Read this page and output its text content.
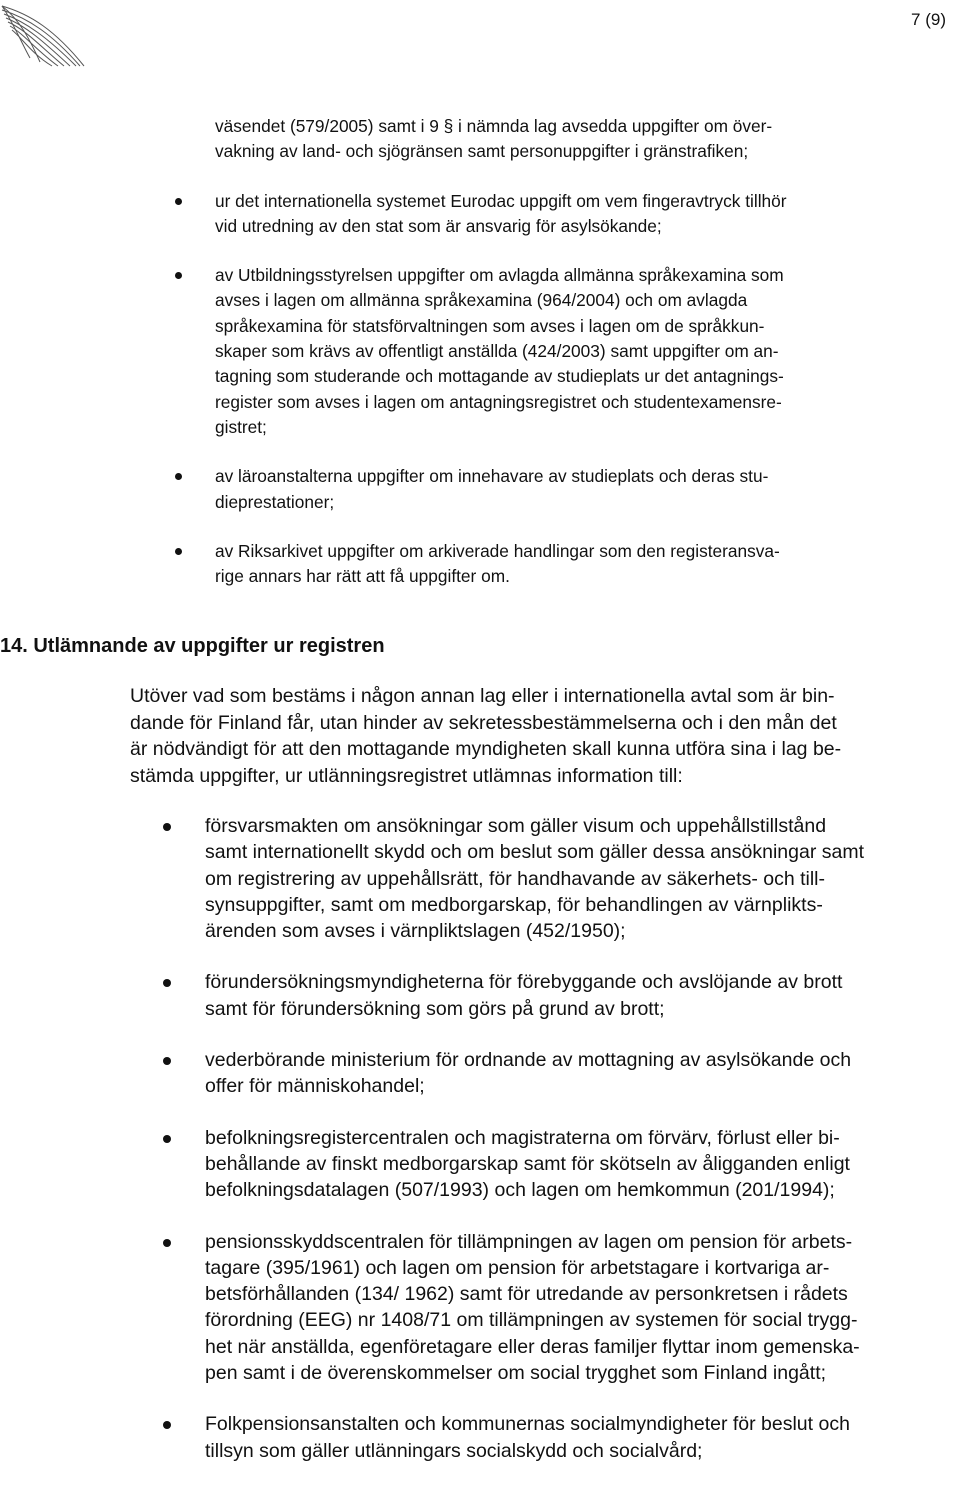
7 (9)
väsendet (579/2005) samt i 9 § i nämnda lag avsedda uppgifter om över-
vakning av land- och sjögränsen samt personuppgifter i gränstrafiken;
ur det internationella systemet Eurodac uppgift om vem fingeravtryck tillhör
vid utredning av den stat som är ansvarig för asylsökande;
av Utbildningsstyrelsen uppgifter om avlagda allmänna språkexamina som
avses i lagen om allmänna språkexamina (964/2004) och om avlagda
språkexamina för statsförvaltningen som avses i lagen om de språkkun-
skaper som krävs av offentligt anställda (424/2003) samt uppgifter om an-
tagning som studerande och mottagande av studieplats ur det antagnings-
register som avses i lagen om antagningsregistret och studentexamensre-
gistret;
av läroanstalterna uppgifter om innehavare av studieplats och deras stu-
dieprestationer;
av Riksarkivet uppgifter om arkiverade handlingar som den registeransva-
rige annars har rätt att få uppgifter om.
14. Utlämnande av uppgifter ur registren
Utöver vad som bestäms i någon annan lag eller i internationella avtal som är bin-
dande för Finland får, utan hinder av sekretessbestämmelserna och i den mån det
är nödvändigt för att den mottagande myndigheten skall kunna utföra sina i lag be-
stämda uppgifter, ur utlänningsregistret utlämnas information till:
försvarsmakten om ansökningar som gäller visum och uppehållstillstånd
samt internationellt skydd och om beslut som gäller dessa ansökningar samt
om registrering av uppehållsrätt, för handhavande av säkerhets- och till-
synsuppgifter, samt om medborgarskap, för behandlingen av värnplikts-
ärenden som avses i värnpliktslagen (452/1950);
förundersökningsmyndigheterna för förebyggande och avslöjande av brott
samt för förundersökning som görs på grund av brott;
vederbörande ministerium för ordnande av mottagning av asylsökande och
offer för människohandel;
befolkningsregistercentralen och magistraterna om förvärv, förlust eller bi-
behållande av finskt medborgarskap samt för skötseln av åligganden enligt
befolkningsdatalagen (507/1993) och lagen om hemkommun (201/1994);
pensionsskyddscentralen för tillämpningen av lagen om pension för arbets-
tagare (395/1961) och lagen om pension för arbetstagare i kortvariga ar-
betsförhållanden (134/ 1962) samt för utredande av personkretsen i rådets
förordning (EEG) nr 1408/71 om tillämpningen av systemen för social trygg-
het när anställda, egenföretagare eller deras familjer flyttar inom gemenska-
pen samt i de överenskommelser om social trygghet som Finland ingått;
Folkpensionsanstalten och kommunernas socialmyndigheter för beslut och
tillsyn som gäller utlänningars socialskydd och socialvård;
